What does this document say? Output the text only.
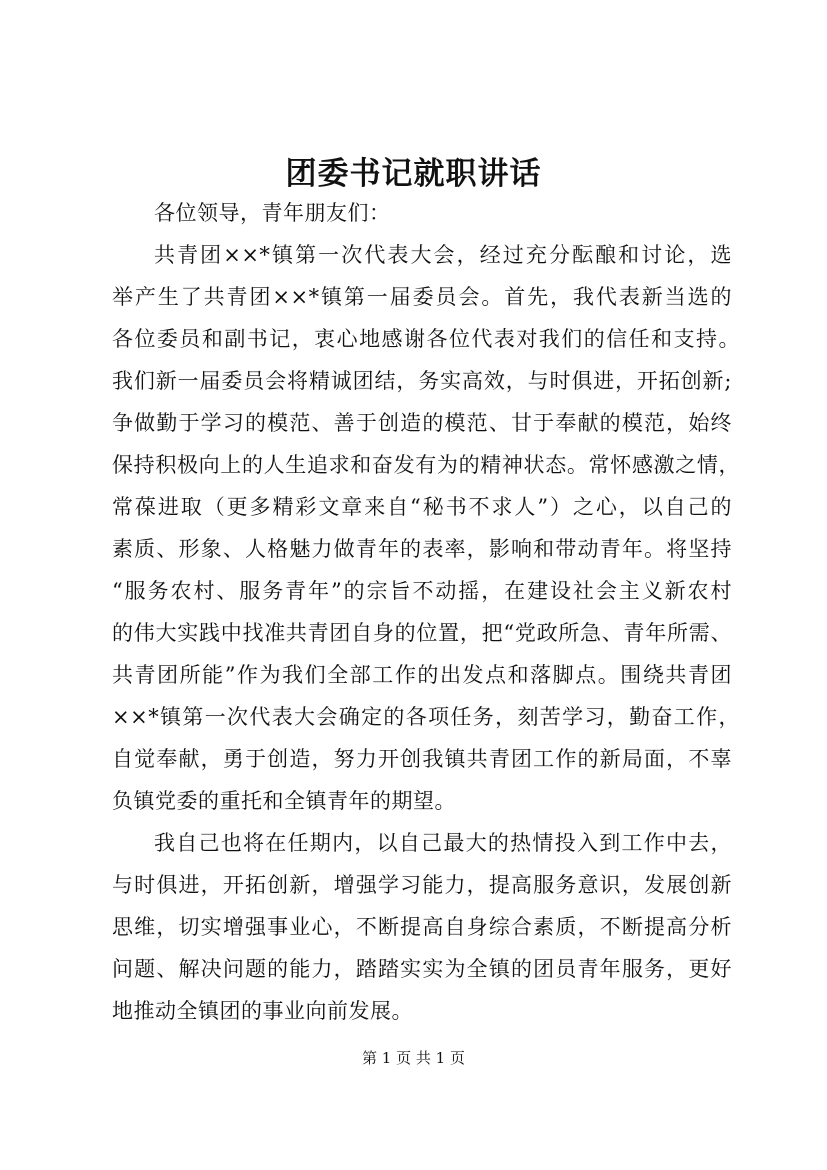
团委书记就职讲话
各位领导，青年朋友们：
共青团××*镇第一次代表大会，经过充分酝酿和讨论，选
举产生了共青团××*镇第一届委员会。首先，我代表新当选的
各位委员和副书记，衷心地感谢各位代表对我们的信任和支持。
我们新一届委员会将精诚团结，务实高效，与时俱进，开拓创新;
争做勤于学习的模范、善于创造的模范、甘于奉献的模范，始终
保持积极向上的人生追求和奋发有为的精神状态。常怀感激之情，
常葆进取（更多精彩文章来自“秘书不求人”）之心，以自己的
素质、形象、人格魅力做青年的表率，影响和带动青年。将坚持
“服务农村、服务青年”的宗旨不动摇，在建设社会主义新农村
的伟大实践中找准共青团自身的位置，把“党政所急、青年所需、
共青团所能”作为我们全部工作的出发点和落脚点。围绕共青团
××*镇第一次代表大会确定的各项任务，刻苦学习，勤奋工作，
自觉奉献，勇于创造，努力开创我镇共青团工作的新局面，不辜
负镇党委的重托和全镇青年的期望。
我自己也将在任期内，以自己最大的热情投入到工作中去，
与时俱进，开拓创新，增强学习能力，提高服务意识，发展创新
思维，切实增强事业心，不断提高自身综合素质，不断提高分析
问题、解决问题的能力，踏踏实实为全镇的团员青年服务，更好
地推动全镇团的事业向前发展。
第 1 页 共 1 页
